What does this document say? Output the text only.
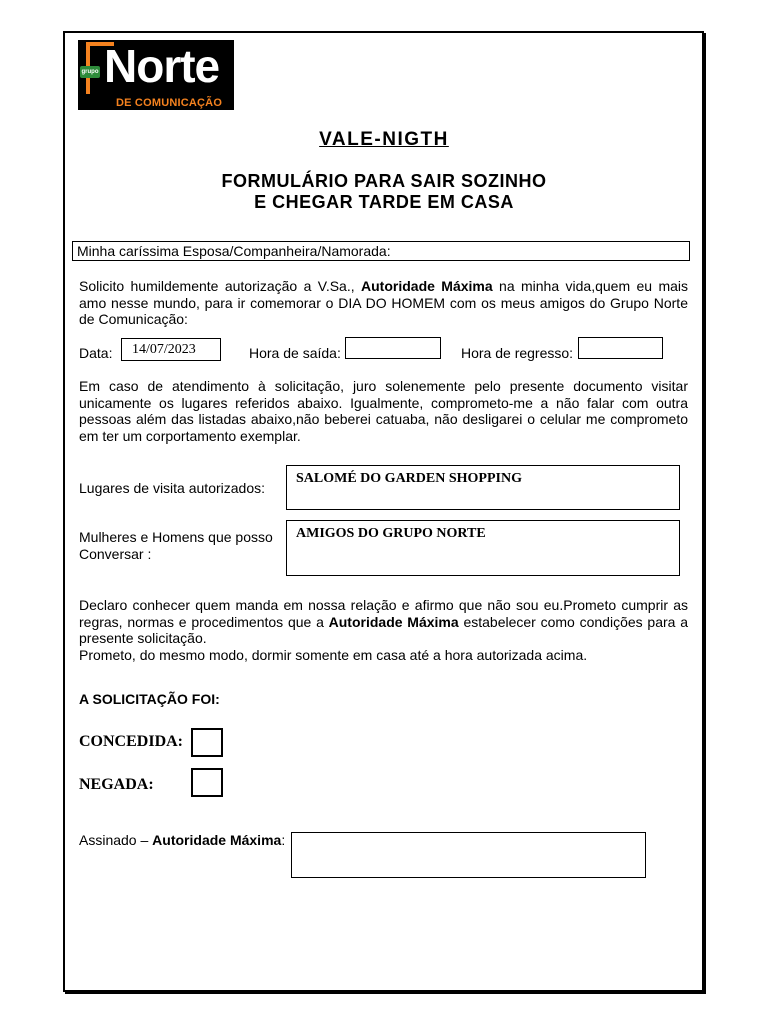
grupo Norte
DE COMUNICAÇÃO
VALE-NIGTH
FORMULÁRIO PARA SAIR SOZINHO
E CHEGAR TARDE EM CASA
Minha caríssima Esposa/Companheira/Namorada:
Solicito humildemente autorização a V.Sa., Autoridade Máxima na minha vida,quem eu mais amo nesse mundo, para ir comemorar o DIA DO HOMEM com os meus amigos do Grupo Norte de Comunicação:
Data:	14/07/2023	Hora de saída:	Hora de regresso:
Em caso de atendimento à solicitação, juro solenemente pelo presente documento visitar unicamente os lugares referidos abaixo. Igualmente, comprometo-me a não falar com outra pessoas além das listadas abaixo,não beberei catuaba, não desligarei o celular me comprometo em ter um corportamento exemplar.
Lugares de visita autorizados:
SALOMÉ DO GARDEN SHOPPING
Mulheres e Homens que posso
Conversar :
AMIGOS DO GRUPO NORTE
Declaro conhecer quem manda em nossa relação e afirmo que não sou eu.Prometo cumprir as regras, normas e procedimentos que a Autoridade Máxima estabelecer como condições para a presente solicitação.
Prometo, do mesmo modo, dormir somente em casa até a hora autorizada acima.
A SOLICITAÇÃO FOI:
CONCEDIDA:
NEGADA:
Assinado – Autoridade Máxima:
